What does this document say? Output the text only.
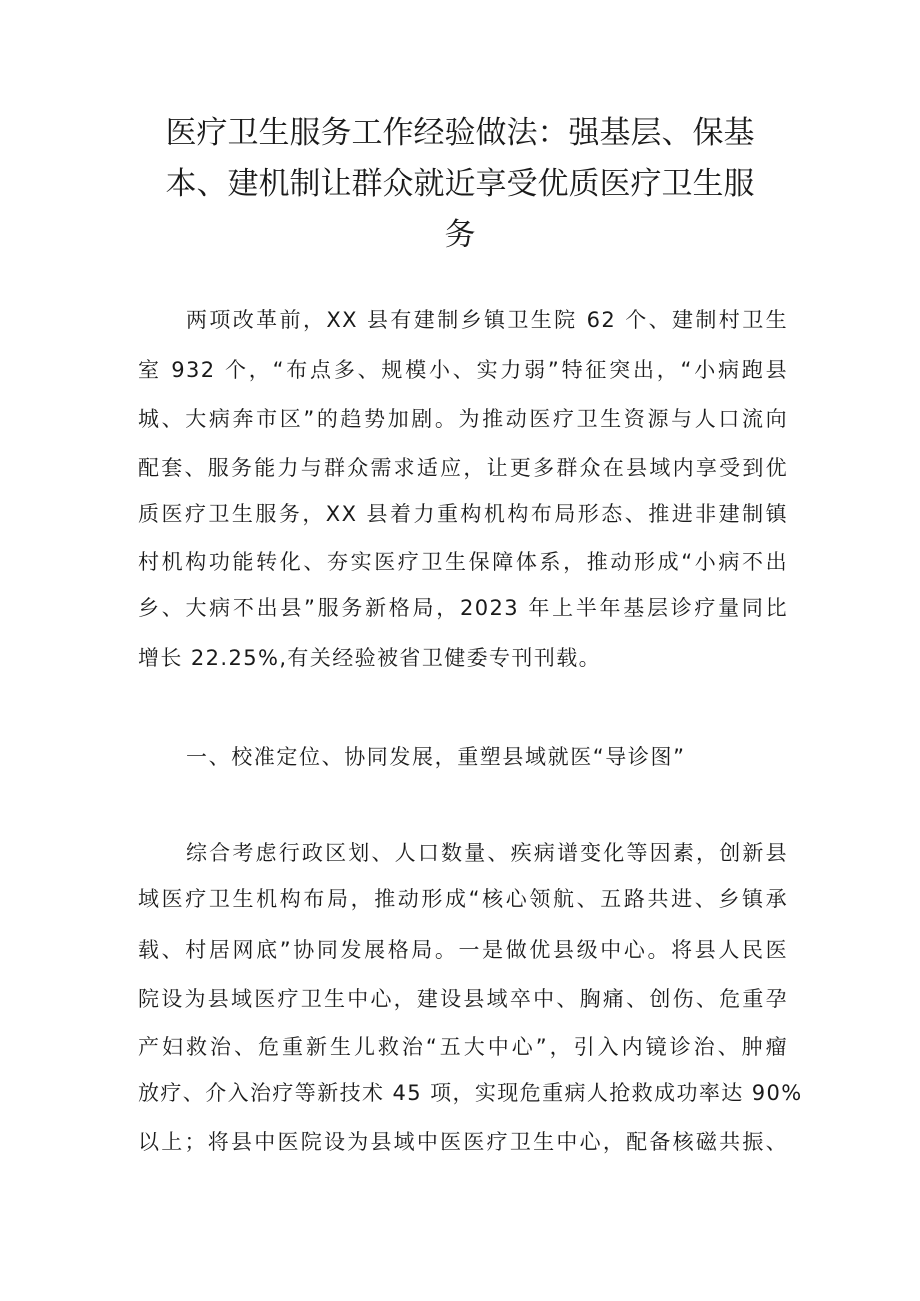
医疗卫生服务工作经验做法：强基层、保基
本、建机制让群众就近享受优质医疗卫生服
务
两项改革前，XX 县有建制乡镇卫生院 62 个、建制村卫生
室 932 个，“布点多、规模小、实力弱”特征突出，“小病跑县
城、大病奔市区”的趋势加剧。为推动医疗卫生资源与人口流向
配套、服务能力与群众需求适应，让更多群众在县域内享受到优
质医疗卫生服务，XX 县着力重构机构布局形态、推进非建制镇
村机构功能转化、夯实医疗卫生保障体系，推动形成“小病不出
乡、大病不出县”服务新格局，2023 年上半年基层诊疗量同比
增长 22.25%,有关经验被省卫健委专刊刊载。
一、校准定位、协同发展，重塑县域就医“导诊图”
综合考虑行政区划、人口数量、疾病谱变化等因素，创新县
域医疗卫生机构布局，推动形成“核心领航、五路共进、乡镇承
载、村居网底”协同发展格局。一是做优县级中心。将县人民医
院设为县域医疗卫生中心，建设县域卒中、胸痛、创伤、危重孕
产妇救治、危重新生儿救治“五大中心”，引入内镜诊治、肿瘤
放疗、介入治疗等新技术 45 项，实现危重病人抢救成功率达 90%
以上；将县中医院设为县域中医医疗卫生中心，配备核磁共振、
